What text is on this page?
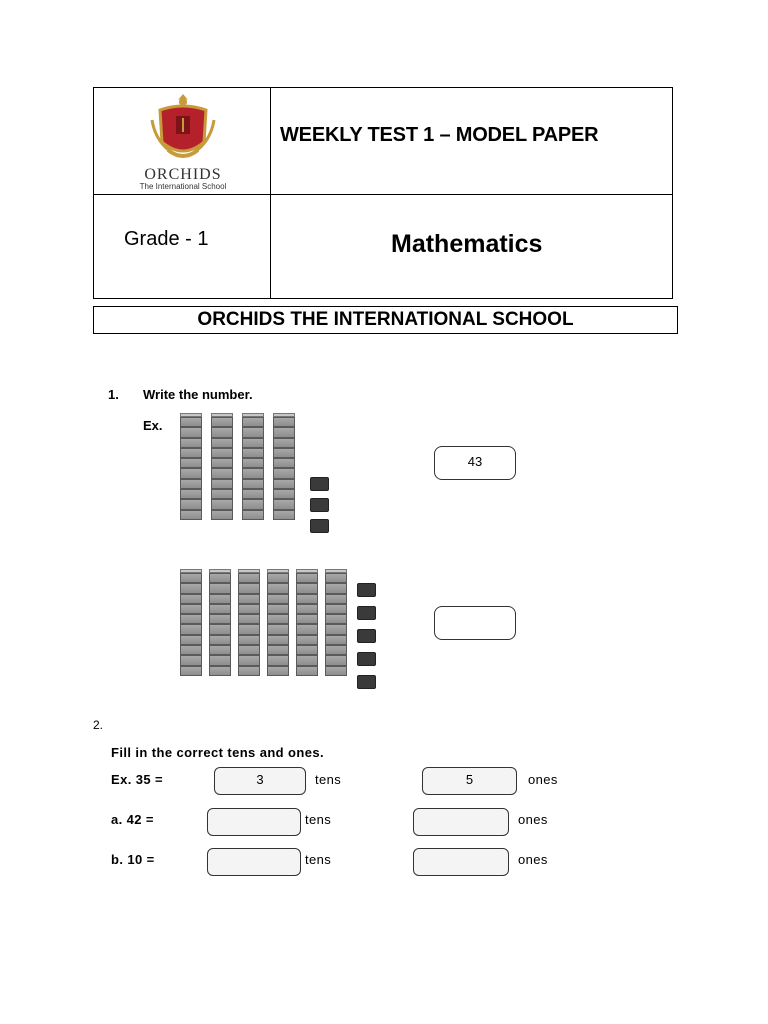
ORCHIDS
The International School
WEEKLY TEST 1 – MODEL PAPER
Grade - 1	Mathematics
ORCHIDS THE INTERNATIONAL SCHOOL
1. Write the number.
Ex.
43
2.
Fill in the correct tens and ones.
Ex. 35 =	3	tens	5	ones
a. 42 =	tens	ones
b. 10 =	tens	ones
